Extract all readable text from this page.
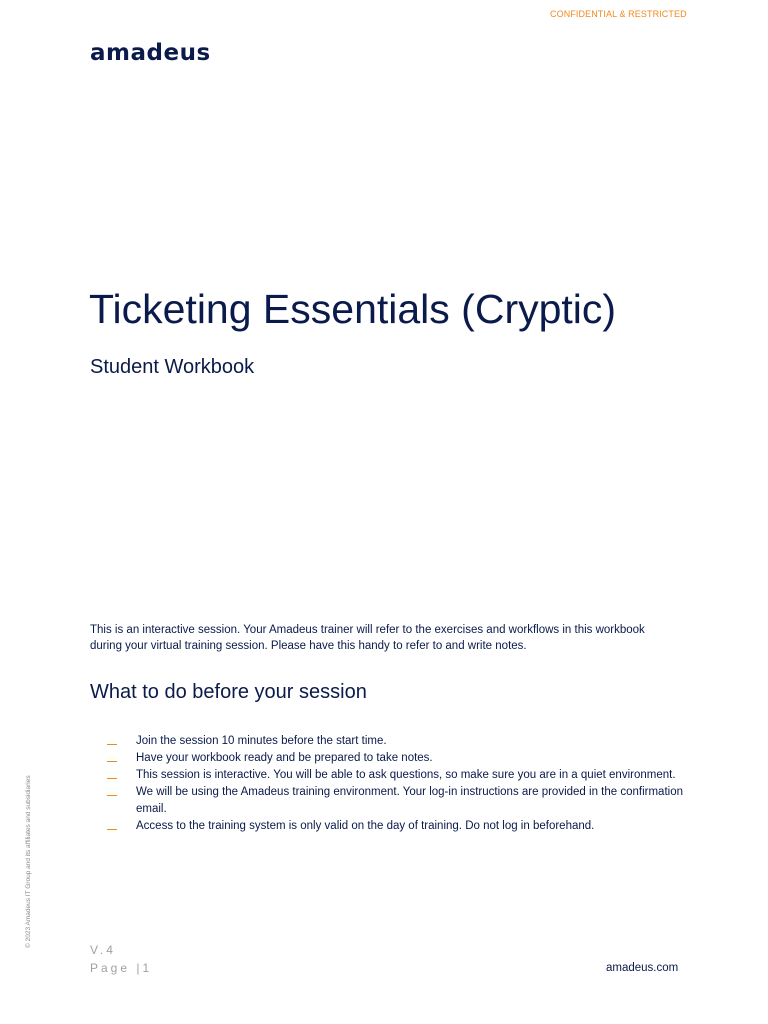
CONFIDENTIAL & RESTRICTED
amadeus
Ticketing Essentials (Cryptic)
Student Workbook

This is an interactive session. Your Amadeus trainer will refer to the exercises and workflows in this workbook during your virtual training session. Please have this handy to refer to and write notes.

What to do before your session
Join the session 10 minutes before the start time.
Have your workbook ready and be prepared to take notes.
This session is interactive. You will be able to ask questions, so make sure you are in a quiet environment.
We will be using the Amadeus training environment. Your log-in instructions are provided in the confirmation email.
Access to the training system is only valid on the day of training. Do not log in beforehand.
© 2023 Amadeus IT Group and its affiliates and subsidiaries
V.4
Page |1	amadeus.com
